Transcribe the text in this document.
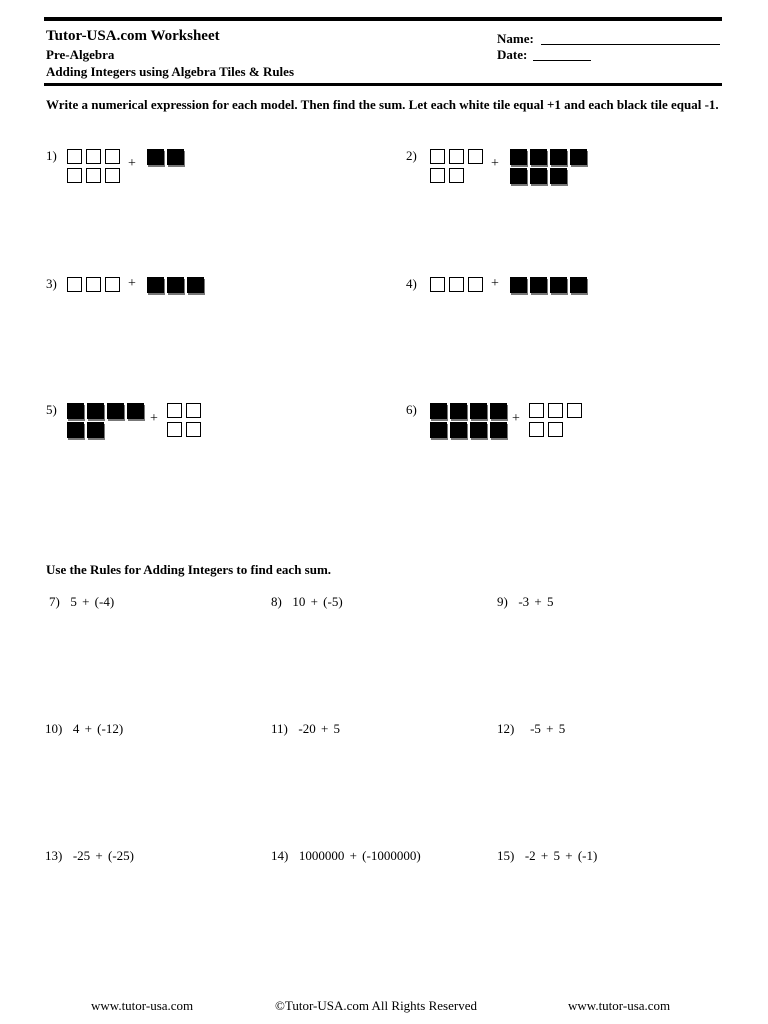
Tutor-USA.com Worksheet
Pre-Algebra
Adding Integers using Algebra Tiles & Rules
Name:
Date:
Write a numerical expression for each model. Then find the sum. Let each white tile equal +1 and each black tile equal -1.
1)
+
2)
+
3)	+	4)	+
5)
+
6)
+
Use the Rules for Adding Integers to find each sum.
7) 5 + (-4)	8) 10 + (-5)	9) -3 + 5
10) 4 + (-12)	11) -20 + 5	12) -5 + 5
13) -25 + (-25)	14) 1000000 + (-1000000)	15) -2 + 5 + (-1)
www.tutor-usa.com	©Tutor-USA.com All Rights Reserved	www.tutor-usa.com
